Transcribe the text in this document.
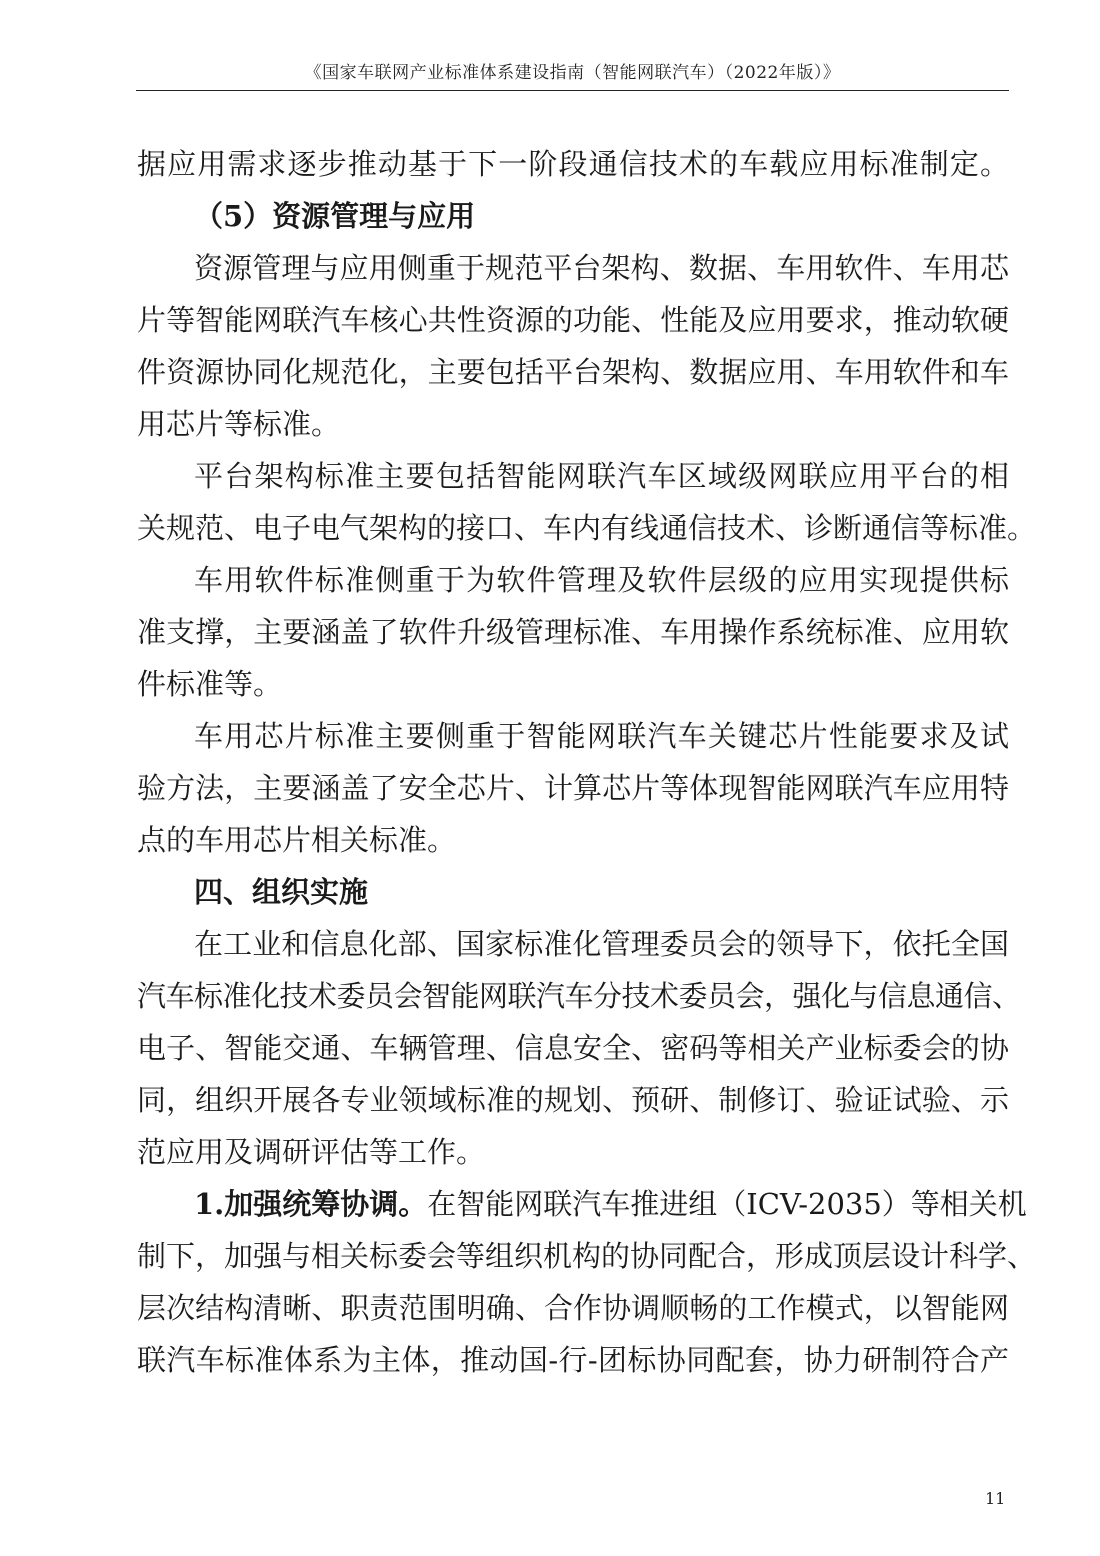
《国家车联网产业标准体系建设指南（智能网联汽车）（2022年版）》
据应用需求逐步推动基于下一阶段通信技术的车载应用标准制定。
（5）资源管理与应用
资源管理与应用侧重于规范平台架构、数据、车用软件、车用芯
片等智能网联汽车核心共性资源的功能、性能及应用要求，推动软硬
件资源协同化规范化，主要包括平台架构、数据应用、车用软件和车
用芯片等标准。
平台架构标准主要包括智能网联汽车区域级网联应用平台的相
关规范、电子电气架构的接口、车内有线通信技术、诊断通信等标准。
车用软件标准侧重于为软件管理及软件层级的应用实现提供标
准支撑，主要涵盖了软件升级管理标准、车用操作系统标准、应用软
件标准等。
车用芯片标准主要侧重于智能网联汽车关键芯片性能要求及试
验方法，主要涵盖了安全芯片、计算芯片等体现智能网联汽车应用特
点的车用芯片相关标准。
四、组织实施
在工业和信息化部、国家标准化管理委员会的领导下，依托全国
汽车标准化技术委员会智能网联汽车分技术委员会，强化与信息通信、
电子、智能交通、车辆管理、信息安全、密码等相关产业标委会的协
同，组织开展各专业领域标准的规划、预研、制修订、验证试验、示
范应用及调研评估等工作。
1.加强统筹协调。在智能网联汽车推进组（ICV-2035）等相关机
制下，加强与相关标委会等组织机构的协同配合，形成顶层设计科学、
层次结构清晰、职责范围明确、合作协调顺畅的工作模式，以智能网
联汽车标准体系为主体，推动国-行-团标协同配套，协力研制符合产
11
